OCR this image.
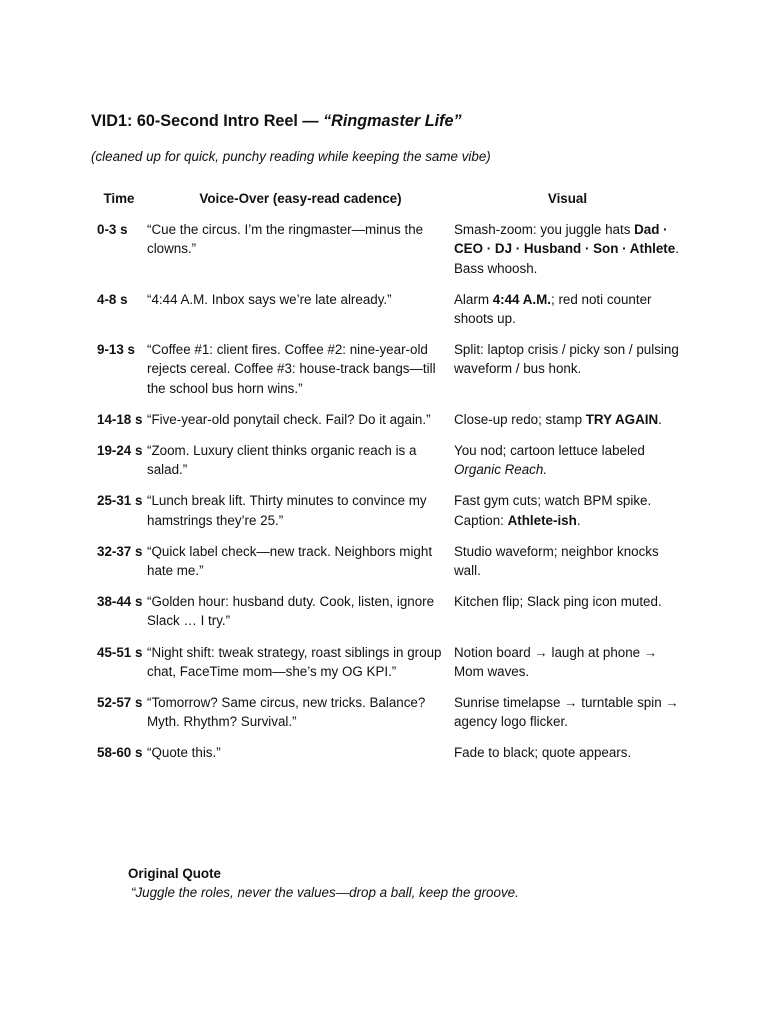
VID1: 60-Second Intro Reel — “Ringmaster Life”
(cleaned up for quick, punchy reading while keeping the same vibe)
Time	Voice-Over (easy-read cadence)	Visual
0-3 s	“Cue the circus. I’m the ringmaster—minus the clowns.”	Smash-zoom: you juggle hats Dad · CEO · DJ · Husband · Son · Athlete. Bass whoosh.
4-8 s	“4:44 A.M. Inbox says we’re late already.”	Alarm 4:44 A.M.; red noti counter shoots up.
9-13 s	“Coffee #1: client fires. Coffee #2: nine-year-old rejects cereal. Coffee #3: house-track bangs—till the school bus horn wins.”	Split: laptop crisis / picky son / pulsing waveform / bus honk.
14-18 s	“Five-year-old ponytail check. Fail? Do it again.”	Close-up redo; stamp TRY AGAIN.
19-24 s	“Zoom. Luxury client thinks organic reach is a salad.”	You nod; cartoon lettuce labeled Organic Reach.
25-31 s	“Lunch break lift. Thirty minutes to convince my hamstrings they’re 25.”	Fast gym cuts; watch BPM spike. Caption: Athlete-ish.
32-37 s	“Quick label check—new track. Neighbors might hate me.”	Studio waveform; neighbor knocks wall.
38-44 s	“Golden hour: husband duty. Cook, listen, ignore Slack … I try.”	Kitchen flip; Slack ping icon muted.
45-51 s	“Night shift: tweak strategy, roast siblings in group chat, FaceTime mom—she’s my OG KPI.”	Notion board → laugh at phone → Mom waves.
52-57 s	“Tomorrow? Same circus, new tricks. Balance? Myth. Rhythm? Survival.”	Sunrise timelapse → turntable spin → agency logo flicker.
58-60 s	“Quote this.”	Fade to black; quote appears.
Original Quote
“Juggle the roles, never the values—drop a ball, keep the groove.
